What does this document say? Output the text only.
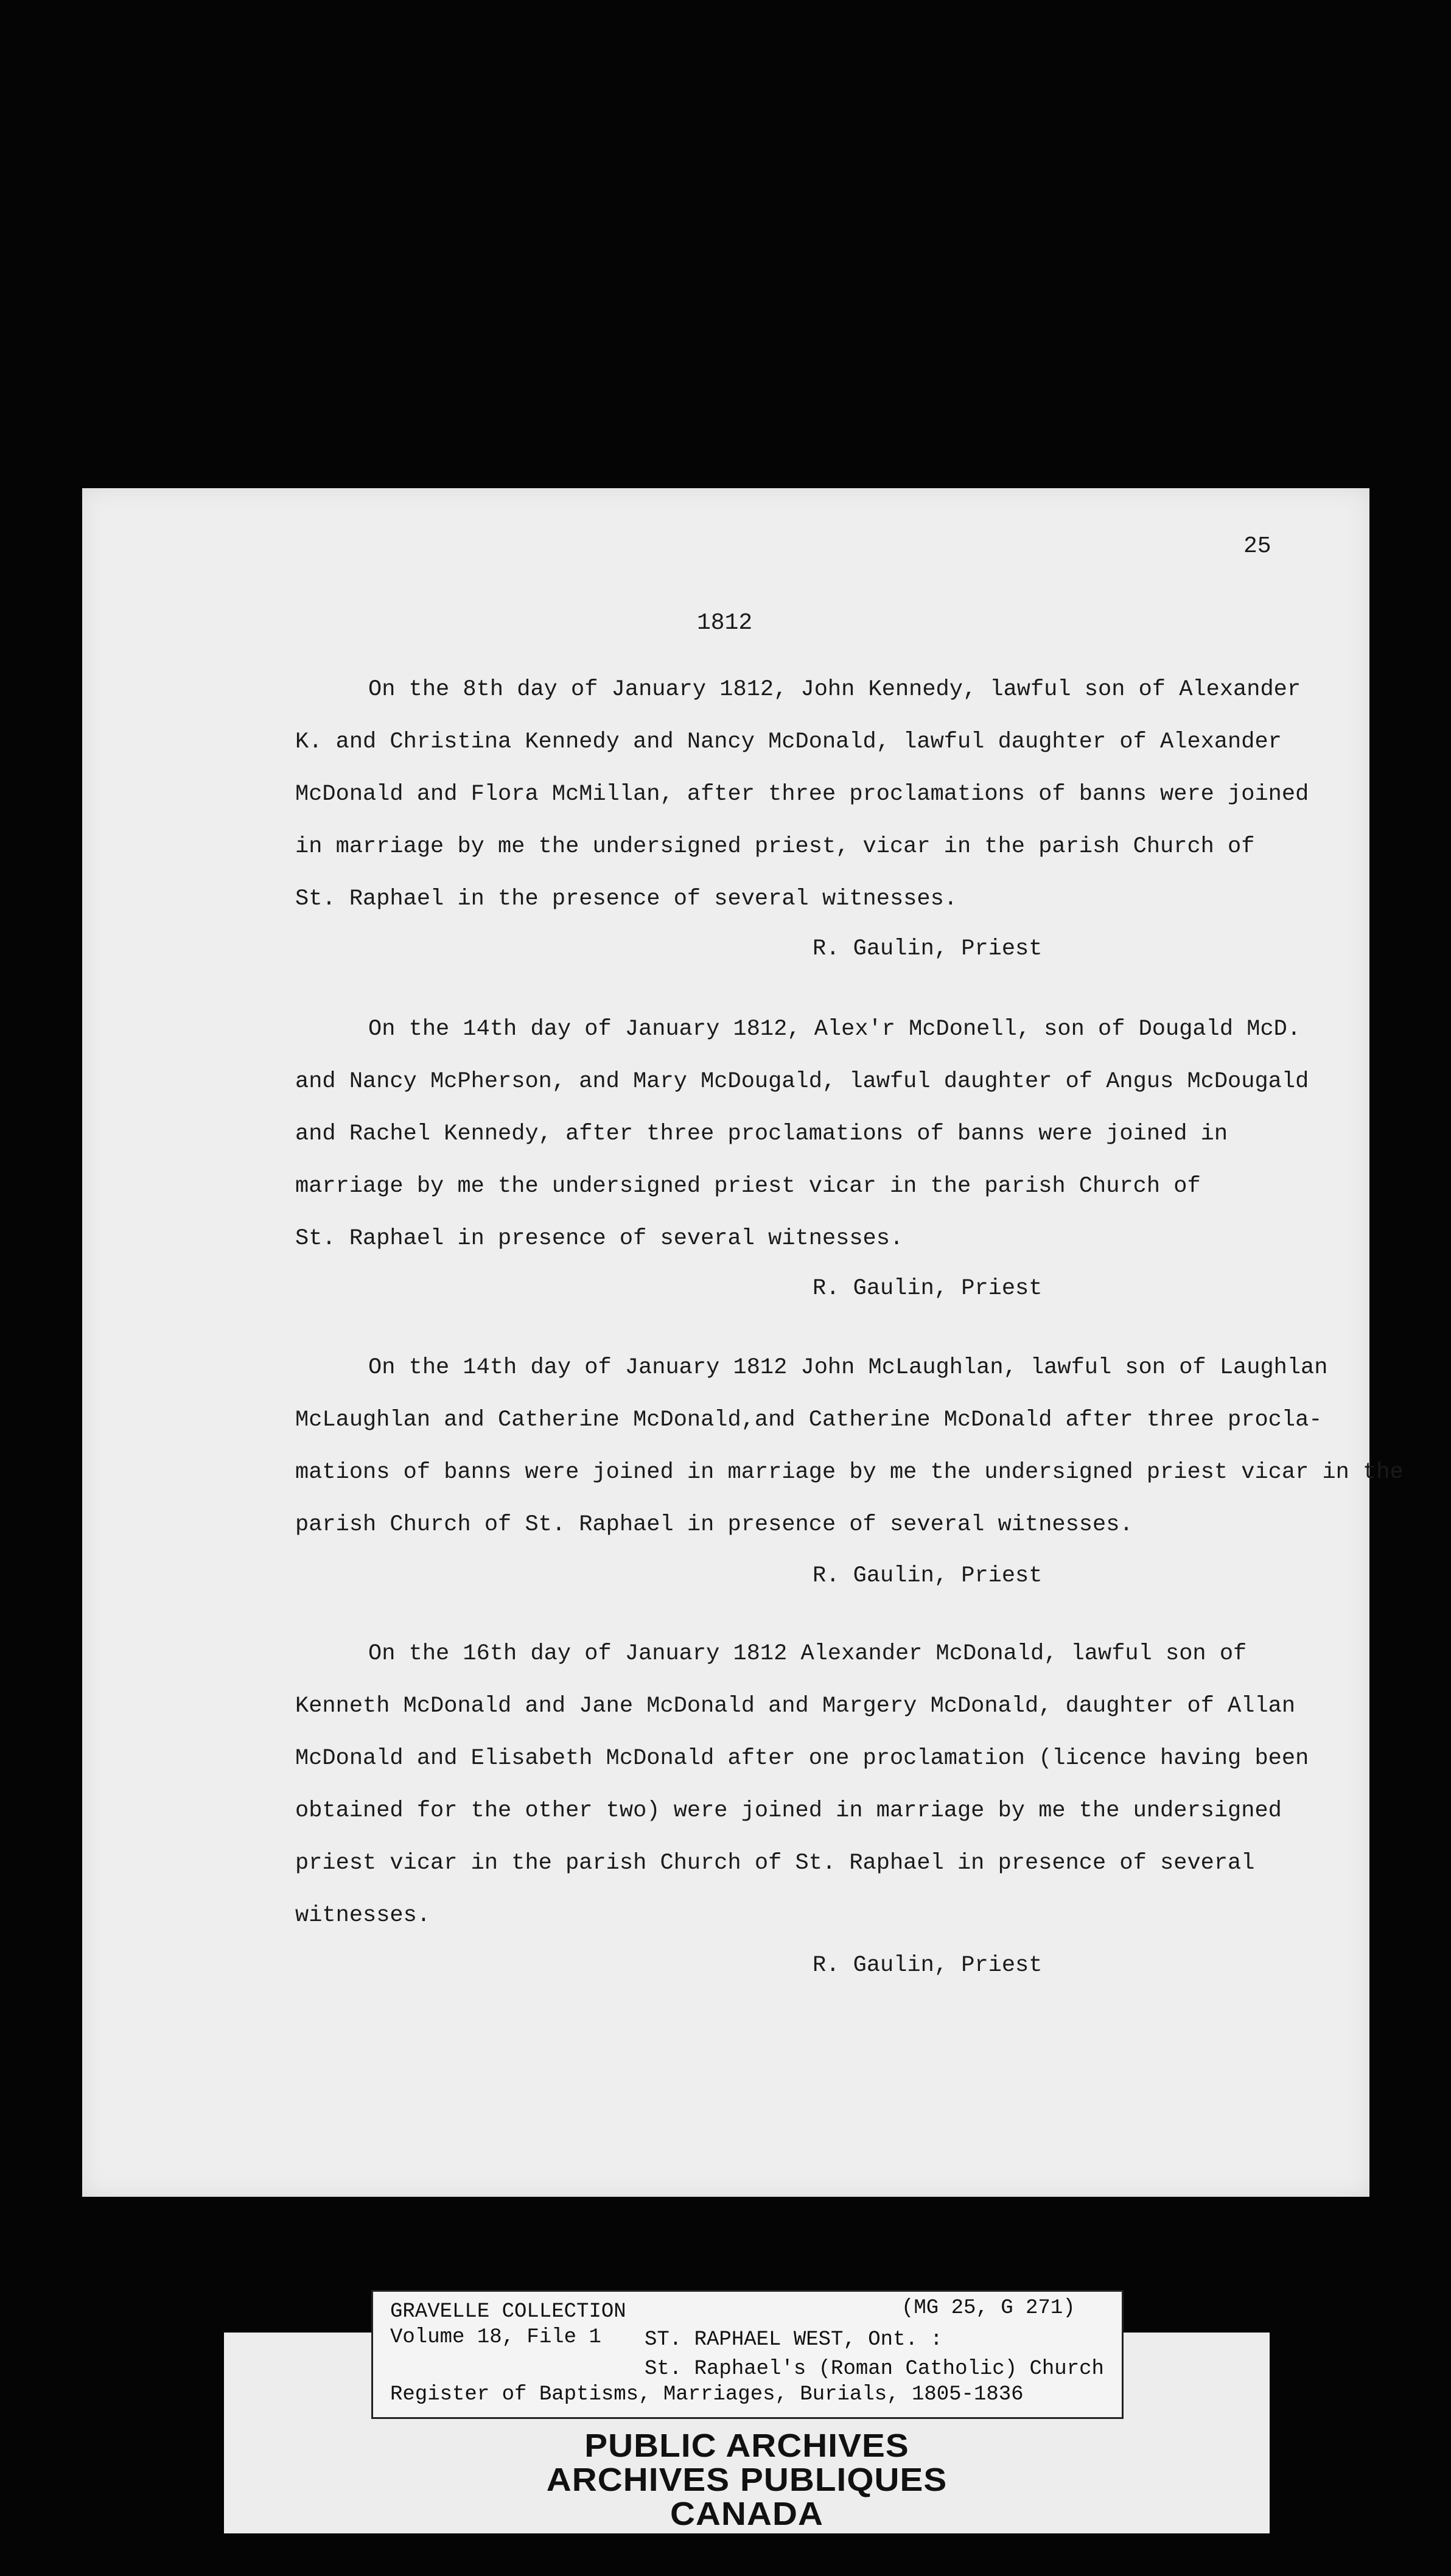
25
1812
On the 8th day of January 1812, John Kennedy, lawful son of Alexander
K. and Christina Kennedy and Nancy McDonald, lawful daughter of Alexander
McDonald and Flora McMillan, after three proclamations of banns were joined
in marriage by me the undersigned priest, vicar in the parish Church of
St. Raphael in the presence of several witnesses.
R. Gaulin, Priest
On the 14th day of January 1812, Alex'r McDonell, son of Dougald McD.
and Nancy McPherson, and Mary McDougald, lawful daughter of Angus McDougald
and Rachel Kennedy, after three proclamations of banns were joined in
marriage by me the undersigned priest vicar in the parish Church of
St. Raphael in presence of several witnesses.
R. Gaulin, Priest
On the 14th day of January 1812 John McLaughlan, lawful son of Laughlan
McLaughlan and Catherine McDonald,and Catherine McDonald after three procla-
mations of banns were joined in marriage by me the undersigned priest vicar in the
parish Church of St. Raphael in presence of several witnesses.
R. Gaulin, Priest
On the 16th day of January 1812 Alexander McDonald, lawful son of
Kenneth McDonald and Jane McDonald and Margery McDonald, daughter of Allan
McDonald and Elisabeth McDonald after one proclamation (licence having been
obtained for the other two) were joined in marriage by me the undersigned
priest vicar in the parish Church of St. Raphael in presence of several
witnesses.
R. Gaulin, Priest
GRAVELLE COLLECTION	(MG 25, G 271)
Volume 18, File 1 ST. RAPHAEL WEST, Ont. :
St. Raphael's (Roman Catholic) Church
Register of Baptisms, Marriages, Burials, 1805-1836
PUBLIC ARCHIVES
ARCHIVES PUBLIQUES
CANADA
